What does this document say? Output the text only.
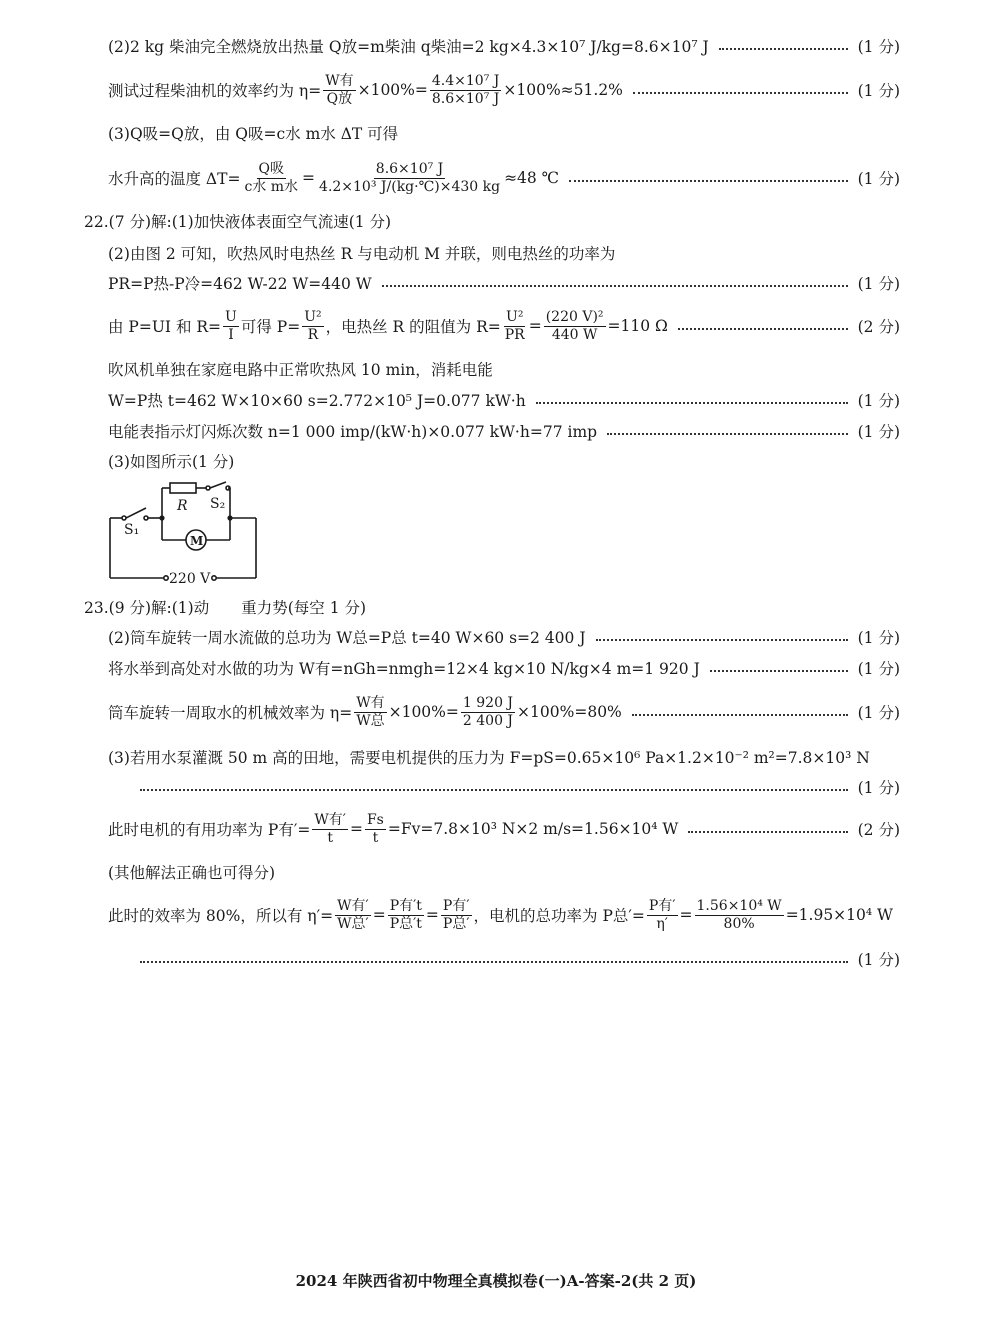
(2)2 kg 柴油完全燃烧放出热量 Q放=m柴油 q柴油=2 kg×4.3×10⁷ J/kg=8.6×10⁷ J	(1 分)
测试过程柴油机的效率约为 $\eta= \frac{\text{W有}}{\text{Q放}} \times 100\%= \frac{\text{4.4×10⁷ J}}{\text{8.6×10⁷ J}} \times 100\%\approx 51.2\%$	(1 分)
(3)Q吸=Q放，由 Q吸=c水 m水 ΔT 可得
水升高的温度 $\Delta T= \frac{\text{Q吸}}{\text{c水 m水}} = \frac{\text{8.6×10⁷ J}}{\text{4.2×10³ J/(kg·℃)×430 kg}} \approx 48$ ℃	(1 分)
22.(7 分)解:(1)加快液体表面空气流速(1 分)
(2)由图 2 可知，吹热风时电热丝 R 与电动机 M 并联，则电热丝的功率为
PR=P热-P冷=462 W-22 W=440 W	(1 分)
由 P=UI 和 $R= \frac{U}{I}$ 可得 $P= \frac{\text{U²}}{R}$ ，电热丝 R 的阻值为 $R= \frac{\text{U²}}{PR} = \frac{\text{(220 V)²}}{440 W} =110$ Ω	(2 分)
吹风机单独在家庭电路中正常吹热风 10 min，消耗电能
W=P热 t=462 W×10×60 s=2.772×10⁵ J=0.077 kW·h	(1 分)
电能表指示灯闪烁次数 n=1 000 imp/(kW·h)×0.077 kW·h=77 imp	(1 分)
(3)如图所示(1 分)
R
S₁
S₂
M
220 V
23.(9 分)解:(1)动 重力势(每空 1 分)
(2)筒车旋转一周水流做的总功为 W总=P总 t=40 W×60 s=2 400 J	(1 分)
将水举到高处对水做的功为 W有=nGh=nmgh=12×4 kg×10 N/kg×4 m=1 920 J	(1 分)
筒车旋转一周取水的机械效率为 $\eta= \frac{\text{W有}}{\text{W总}} \times 100\%= \frac{1 920 J}{2 400 J} \times 100\%=80\%$	(1 分)
(3)若用水泵灌溉 50 m 高的田地，需要电机提供的压力为 F=pS=0.65×10⁶ Pa×1.2×10⁻² m²=7.8×10³ N
(1 分)
此时电机的有用功率为 P有′= $\frac{\text{W有′}}{t} = \frac{Fs}{t} =Fv=7.8\times 10^3$ N×2 m/s=1.56×10⁴ W	(2 分)
(其他解法正确也可得分)
此时的效率为 80%，所以有 $\eta'= \frac{\text{W有′}}{\text{W总′}} = \frac{\text{P有′t}}{\text{P总′t}} = \frac{\text{P有′}}{\text{P总′}}$ ，电机的总功率为 P总′= $\frac{\text{P有′}}{\eta'} = \frac{\text{1.56×10⁴ W}}{80\%} =1.95\times 10^4$ W
(1 分)
2024 年陕西省初中物理全真模拟卷(一)A-答案-2(共 2 页)
